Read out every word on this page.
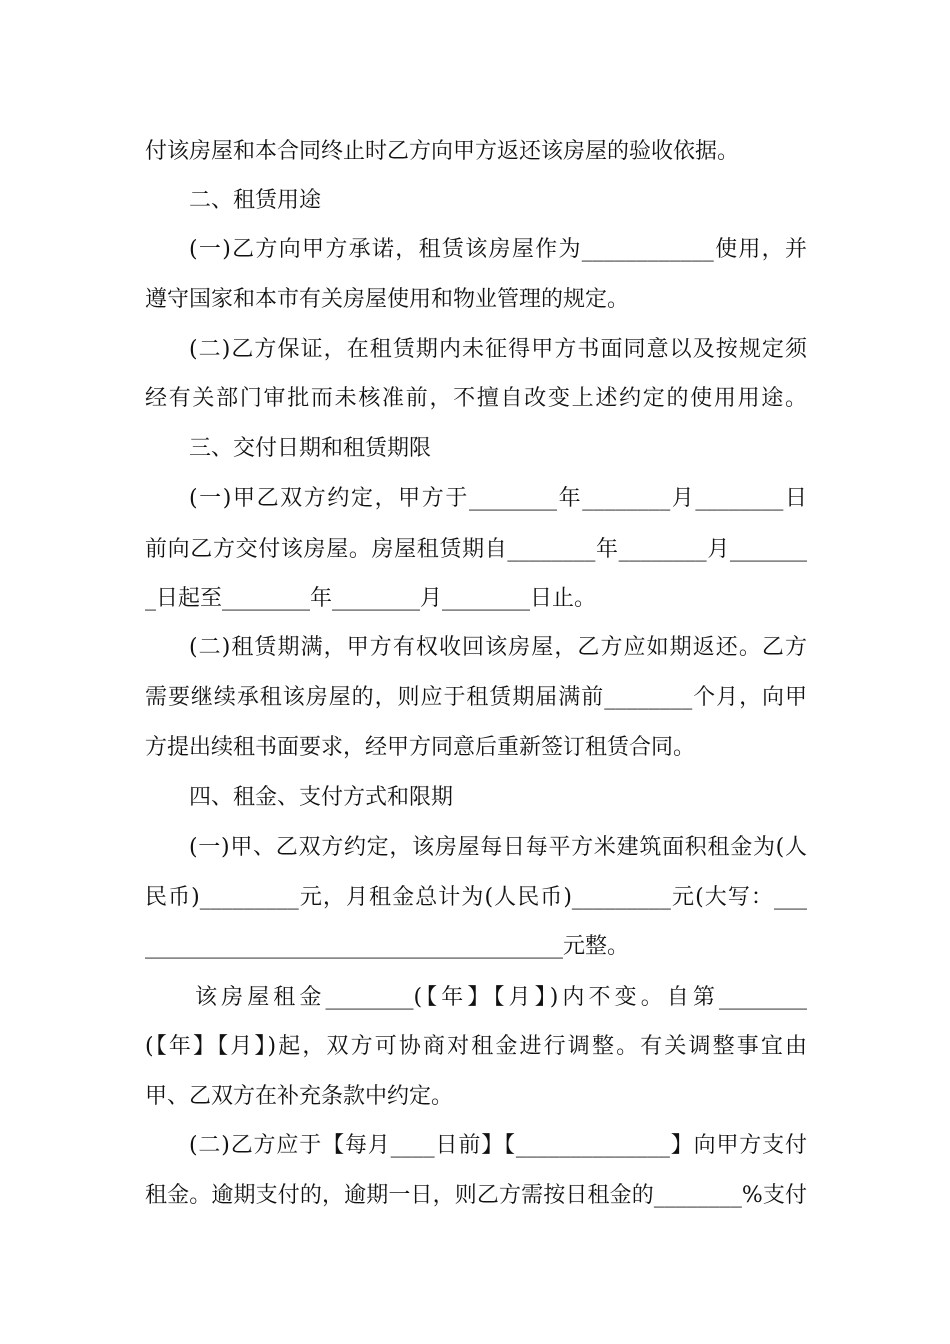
付该房屋和本合同终止时乙方向甲方返还该房屋的验收依据。
二、租赁用途
(一)乙方向甲方承诺，租赁该房屋作为____________使用，并
遵守国家和本市有关房屋使用和物业管理的规定。
(二)乙方保证，在租赁期内未征得甲方书面同意以及按规定须
经有关部门审批而未核准前，不擅自改变上述约定的使用用途。
三、交付日期和租赁期限
(一)甲乙双方约定，甲方于________年________月________日
前向乙方交付该房屋。房屋租赁期自________年________月_______
_日起至________年________月________日止。
(二)租赁期满，甲方有权收回该房屋，乙方应如期返还。乙方
需要继续承租该房屋的，则应于租赁期届满前________个月，向甲
方提出续租书面要求，经甲方同意后重新签订租赁合同。
四、租金、支付方式和限期
(一)甲、乙双方约定，该房屋每日每平方米建筑面积租金为(人
民币)_________元，月租金总计为(人民币)_________元(大写：___
______________________________________元整。
该房屋租金________(【年】【月】)内不变。自第________
(【年】【月】)起，双方可协商对租金进行调整。有关调整事宜由
甲、乙双方在补充条款中约定。
(二)乙方应于【每月____日前】【______________】向甲方支付
租金。逾期支付的，逾期一日，则乙方需按日租金的________%支付
